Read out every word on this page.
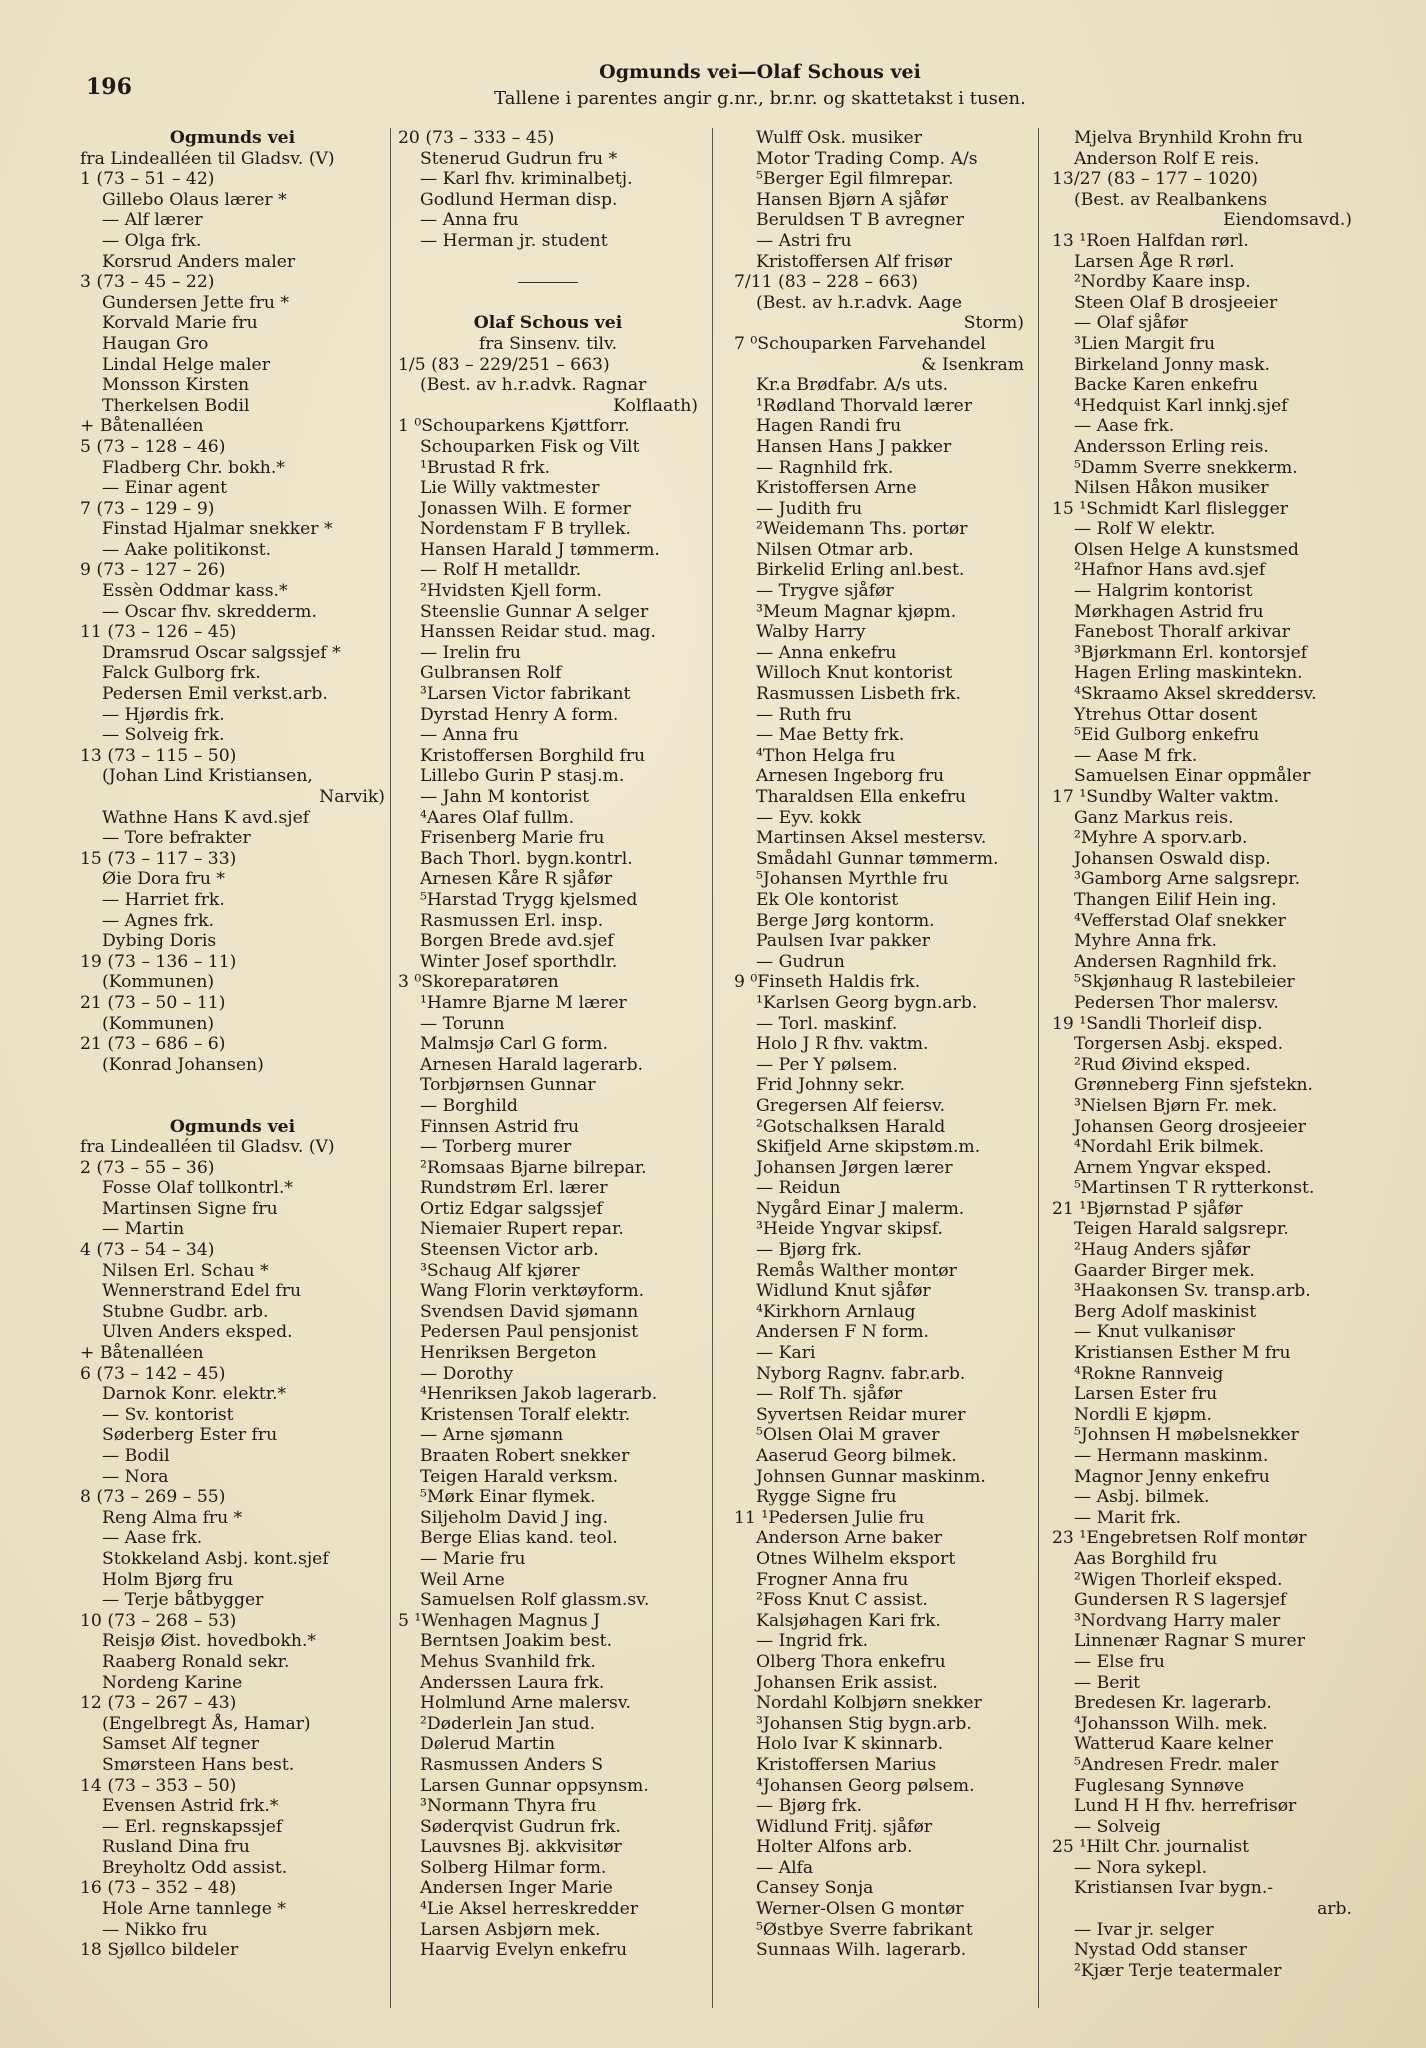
196
Ogmunds vei—Olaf Schous vei
Tallene i parentes angir g.nr., br.nr. og skattetakst i tusen.
Ogmunds vei
fra Lindealléen til Gladsv. (V)
1 (73 – 51 – 42)
Gillebo Olaus lærer *
— Alf lærer
— Olga frk.
Korsrud Anders maler
3 (73 – 45 – 22)
Gundersen Jette fru *
Korvald Marie fru
Haugan Gro
Lindal Helge maler
Monsson Kirsten
Therkelsen Bodil
+ Båtenalléen
5 (73 – 128 – 46)
Fladberg Chr. bokh.*
— Einar agent
7 (73 – 129 – 9)
Finstad Hjalmar snekker *
— Aake politikonst.
9 (73 – 127 – 26)
Essèn Oddmar kass.*
— Oscar fhv. skredderm.
11 (73 – 126 – 45)
Dramsrud Oscar salgssjef *
Falck Gulborg frk.
Pedersen Emil verkst.arb.
— Hjørdis frk.
— Solveig frk.
13 (73 – 115 – 50)
(Johan Lind Kristiansen,
Narvik)
Wathne Hans K avd.sjef
— Tore befrakter
15 (73 – 117 – 33)
Øie Dora fru *
— Harriet frk.
— Agnes frk.
Dybing Doris
19 (73 – 136 – 11)
(Kommunen)
21 (73 – 50 – 11)
(Kommunen)
21 (73 – 686 – 6)
(Konrad Johansen)
Ogmunds vei
fra Lindealléen til Gladsv. (V)
2 (73 – 55 – 36)
Fosse Olaf tollkontrl.*
Martinsen Signe fru
— Martin
4 (73 – 54 – 34)
Nilsen Erl. Schau *
Wennerstrand Edel fru
Stubne Gudbr. arb.
Ulven Anders eksped.
+ Båtenalléen
6 (73 – 142 – 45)
Darnok Konr. elektr.*
— Sv. kontorist
Søderberg Ester fru
— Bodil
— Nora
8 (73 – 269 – 55)
Reng Alma fru *
— Aase frk.
Stokkeland Asbj. kont.sjef
Holm Bjørg fru
— Terje båtbygger
10 (73 – 268 – 53)
Reisjø Øist. hovedbokh.*
Raaberg Ronald sekr.
Nordeng Karine
12 (73 – 267 – 43)
(Engelbregt Ås, Hamar)
Samset Alf tegner
Smørsteen Hans best.
14 (73 – 353 – 50)
Evensen Astrid frk.*
— Erl. regnskapssjef
Rusland Dina fru
Breyholtz Odd assist.
16 (73 – 352 – 48)
Hole Arne tannlege *
— Nikko fru
18 Sjøllco bildeler
20 (73 – 333 – 45)
Stenerud Gudrun fru *
— Karl fhv. kriminalbetj.
Godlund Herman disp.
— Anna fru
— Herman jr. student
Olaf Schous vei
fra Sinsenv. tilv.
1/5 (83 – 229/251 – 663)
(Best. av h.r.advk. Ragnar
Kolflaath)
1 ⁰Schouparkens Kjøttforr.
Schouparken Fisk og Vilt
¹Brustad R frk.
Lie Willy vaktmester
Jonassen Wilh. E former
Nordenstam F B tryllek.
Hansen Harald J tømmerm.
— Rolf H metalldr.
²Hvidsten Kjell form.
Steenslie Gunnar A selger
Hanssen Reidar stud. mag.
— Irelin fru
Gulbransen Rolf
³Larsen Victor fabrikant
Dyrstad Henry A form.
— Anna fru
Kristoffersen Borghild fru
Lillebo Gurin P stasj.m.
— Jahn M kontorist
⁴Aares Olaf fullm.
Frisenberg Marie fru
Bach Thorl. bygn.kontrl.
Arnesen Kåre R sjåfør
⁵Harstad Trygg kjelsmed
Rasmussen Erl. insp.
Borgen Brede avd.sjef
Winter Josef sporthdlr.
3 ⁰Skoreparatøren
¹Hamre Bjarne M lærer
— Torunn
Malmsjø Carl G form.
Arnesen Harald lagerarb.
Torbjørnsen Gunnar
— Borghild
Finnsen Astrid fru
— Torberg murer
²Romsaas Bjarne bilrepar.
Rundstrøm Erl. lærer
Ortiz Edgar salgssjef
Niemaier Rupert repar.
Steensen Victor arb.
³Schaug Alf kjører
Wang Florin verktøyform.
Svendsen David sjømann
Pedersen Paul pensjonist
Henriksen Bergeton
— Dorothy
⁴Henriksen Jakob lagerarb.
Kristensen Toralf elektr.
— Arne sjømann
Braaten Robert snekker
Teigen Harald verksm.
⁵Mørk Einar flymek.
Siljeholm David J ing.
Berge Elias kand. teol.
— Marie fru
Weil Arne
Samuelsen Rolf glassm.sv.
5 ¹Wenhagen Magnus J
Berntsen Joakim best.
Mehus Svanhild frk.
Anderssen Laura frk.
Holmlund Arne malersv.
²Døderlein Jan stud.
Dølerud Martin
Rasmussen Anders S
Larsen Gunnar oppsynsm.
³Normann Thyra fru
Søderqvist Gudrun frk.
Lauvsnes Bj. akkvisitør
Solberg Hilmar form.
Andersen Inger Marie
⁴Lie Aksel herreskredder
Larsen Asbjørn mek.
Haarvig Evelyn enkefru
Wulff Osk. musiker
Motor Trading Comp. A/s
⁵Berger Egil filmrepar.
Hansen Bjørn A sjåfør
Beruldsen T B avregner
— Astri fru
Kristoffersen Alf frisør
7/11 (83 – 228 – 663)
(Best. av h.r.advk. Aage
Storm)
7 ⁰Schouparken Farvehandel
& Isenkram
Kr.a Brødfabr. A/s uts.
¹Rødland Thorvald lærer
Hagen Randi fru
Hansen Hans J pakker
— Ragnhild frk.
Kristoffersen Arne
— Judith fru
²Weidemann Ths. portør
Nilsen Otmar arb.
Birkelid Erling anl.best.
— Trygve sjåfør
³Meum Magnar kjøpm.
Walby Harry
— Anna enkefru
Willoch Knut kontorist
Rasmussen Lisbeth frk.
— Ruth fru
— Mae Betty frk.
⁴Thon Helga fru
Arnesen Ingeborg fru
Tharaldsen Ella enkefru
— Eyv. kokk
Martinsen Aksel mestersv.
Smådahl Gunnar tømmerm.
⁵Johansen Myrthle fru
Ek Ole kontorist
Berge Jørg kontorm.
Paulsen Ivar pakker
— Gudrun
9 ⁰Finseth Haldis frk.
¹Karlsen Georg bygn.arb.
— Torl. maskinf.
Holo J R fhv. vaktm.
— Per Y pølsem.
Frid Johnny sekr.
Gregersen Alf feiersv.
²Gotschalksen Harald
Skifjeld Arne skipstøm.m.
Johansen Jørgen lærer
— Reidun
Nygård Einar J malerm.
³Heide Yngvar skipsf.
— Bjørg frk.
Remås Walther montør
Widlund Knut sjåfør
⁴Kirkhorn Arnlaug
Andersen F N form.
— Kari
Nyborg Ragnv. fabr.arb.
— Rolf Th. sjåfør
Syvertsen Reidar murer
⁵Olsen Olai M graver
Aaserud Georg bilmek.
Johnsen Gunnar maskinm.
Rygge Signe fru
11 ¹Pedersen Julie fru
Anderson Arne baker
Otnes Wilhelm eksport
Frogner Anna fru
²Foss Knut C assist.
Kalsjøhagen Kari frk.
— Ingrid frk.
Olberg Thora enkefru
Johansen Erik assist.
Nordahl Kolbjørn snekker
³Johansen Stig bygn.arb.
Holo Ivar K skinnarb.
Kristoffersen Marius
⁴Johansen Georg pølsem.
— Bjørg frk.
Widlund Fritj. sjåfør
Holter Alfons arb.
— Alfa
Cansey Sonja
Werner-Olsen G montør
⁵Østbye Sverre fabrikant
Sunnaas Wilh. lagerarb.
Mjelva Brynhild Krohn fru
Anderson Rolf E reis.
13/27 (83 – 177 – 1020)
(Best. av Realbankens
Eiendomsavd.)
13 ¹Roen Halfdan rørl.
Larsen Åge R rørl.
²Nordby Kaare insp.
Steen Olaf B drosjeeier
— Olaf sjåfør
³Lien Margit fru
Birkeland Jonny mask.
Backe Karen enkefru
⁴Hedquist Karl innkj.sjef
— Aase frk.
Andersson Erling reis.
⁵Damm Sverre snekkerm.
Nilsen Håkon musiker
15 ¹Schmidt Karl flislegger
— Rolf W elektr.
Olsen Helge A kunstsmed
²Hafnor Hans avd.sjef
— Halgrim kontorist
Mørkhagen Astrid fru
Fanebost Thoralf arkivar
³Bjørkmann Erl. kontorsjef
Hagen Erling maskintekn.
⁴Skraamo Aksel skreddersv.
Ytrehus Ottar dosent
⁵Eid Gulborg enkefru
— Aase M frk.
Samuelsen Einar oppmåler
17 ¹Sundby Walter vaktm.
Ganz Markus reis.
²Myhre A sporv.arb.
Johansen Oswald disp.
³Gamborg Arne salgsrepr.
Thangen Eilif Hein ing.
⁴Vefferstad Olaf snekker
Myhre Anna frk.
Andersen Ragnhild frk.
⁵Skjønhaug R lastebileier
Pedersen Thor malersv.
19 ¹Sandli Thorleif disp.
Torgersen Asbj. eksped.
²Rud Øivind eksped.
Grønneberg Finn sjefstekn.
³Nielsen Bjørn Fr. mek.
Johansen Georg drosjeeier
⁴Nordahl Erik bilmek.
Arnem Yngvar eksped.
⁵Martinsen T R rytterkonst.
21 ¹Bjørnstad P sjåfør
Teigen Harald salgsrepr.
²Haug Anders sjåfør
Gaarder Birger mek.
³Haakonsen Sv. transp.arb.
Berg Adolf maskinist
— Knut vulkanisør
Kristiansen Esther M fru
⁴Rokne Rannveig
Larsen Ester fru
Nordli E kjøpm.
⁵Johnsen H møbelsnekker
— Hermann maskinm.
Magnor Jenny enkefru
— Asbj. bilmek.
— Marit frk.
23 ¹Engebretsen Rolf montør
Aas Borghild fru
²Wigen Thorleif eksped.
Gundersen R S lagersjef
³Nordvang Harry maler
Linnenær Ragnar S murer
— Else fru
— Berit
Bredesen Kr. lagerarb.
⁴Johansson Wilh. mek.
Watterud Kaare kelner
⁵Andresen Fredr. maler
Fuglesang Synnøve
Lund H H fhv. herrefrisør
— Solveig
25 ¹Hilt Chr. journalist
— Nora sykepl.
Kristiansen Ivar bygn.-
arb.
— Ivar jr. selger
Nystad Odd stanser
²Kjær Terje teatermaler
